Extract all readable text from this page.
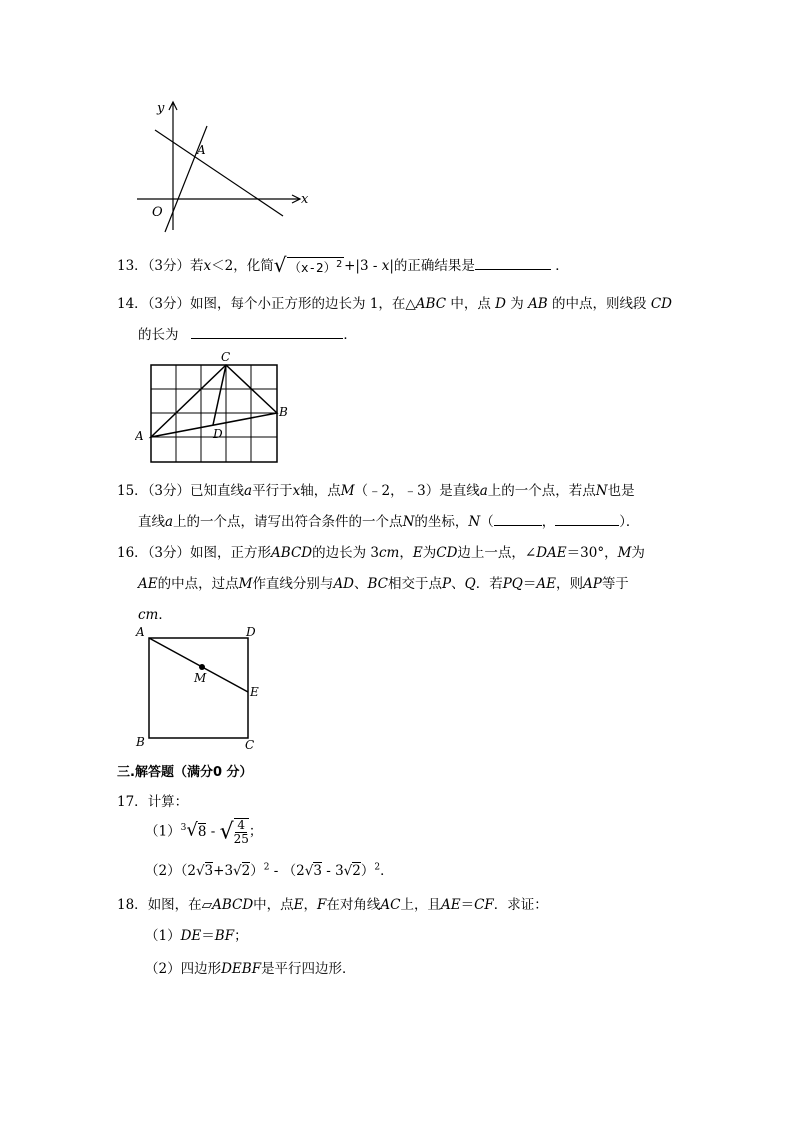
y
x
O
A
13．（3分）若x＜2，化简√ $(x-2)^2 +|3 - x|$的正确结果是	．
14．（3分）如图，每个小正方形的边长为 1，在△ABC 中，点 D 为 AB 的中点，则线段 CD
的长为	．
A
B
C
D
15．（3分）已知直线a平行于x轴，点M（﹣2，﹣3）是直线a上的一个点，若点N也是
直线a上的一个点，请写出符合条件的一个点N的坐标，N（	，	）．
16．（3分）如图，正方形ABCD的边长为 3cm，E为CD边上一点，∠DAE＝30°，M为
AE的中点，过点M作直线分别与AD、BC相交于点P、Q．若PQ＝AE，则AP等于
cm．
A	D
B	C
E
M
三.解答题（满分0 分）
17．计算：
$(1)^3√8$ - √ $\frac{4}{25}$ ；
$(2)(2√3+3√2)^2 - (2√3 - 3√2)^2$．
18．如图，在▱ABCD中，点E，F在对角线AC上，且AE＝CF．求证：
（1）DE＝BF；
（2）四边形DEBF是平行四边形．
